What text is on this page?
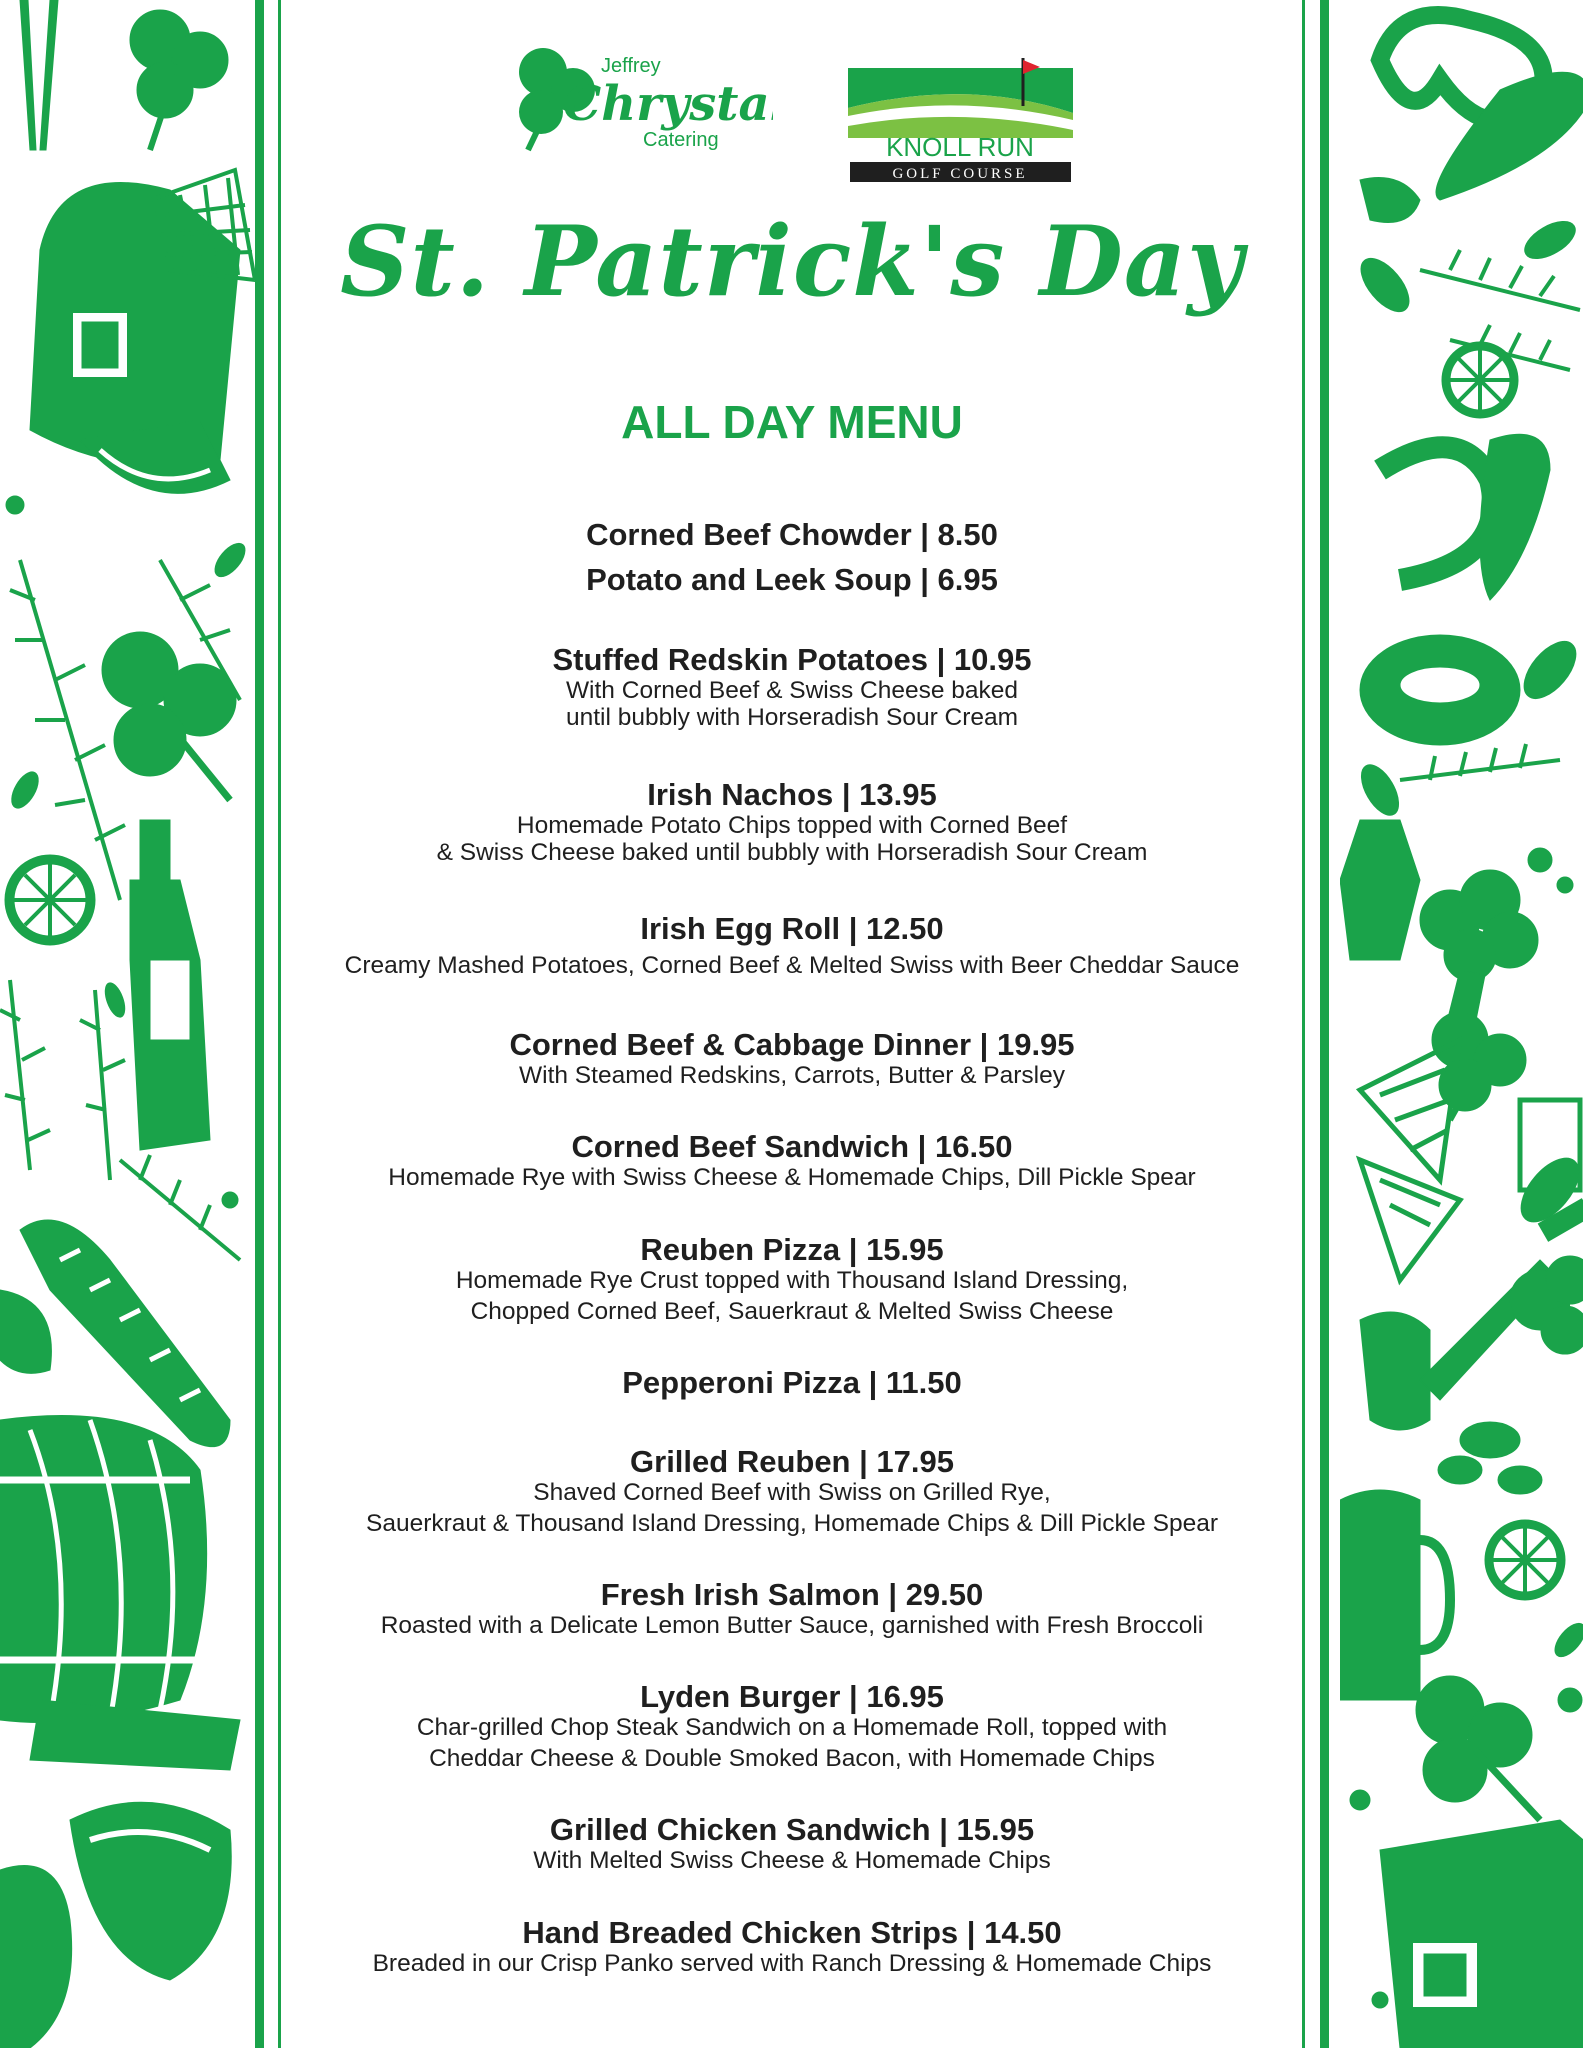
Jeffrey
Chrystal
Catering	KNOLL RUN
GOLF COURSE
St. Patrick's Day
ALL DAY MENU
Corned Beef Chowder | 8.50
Potato and Leek Soup | 6.95
Stuffed Redskin Potatoes | 10.95
With Corned Beef & Swiss Cheese baked
until bubbly with Horseradish Sour Cream
Irish Nachos | 13.95
Homemade Potato Chips topped with Corned Beef
& Swiss Cheese baked until bubbly with Horseradish Sour Cream
Irish Egg Roll | 12.50
Creamy Mashed Potatoes, Corned Beef & Melted Swiss with Beer Cheddar Sauce
Corned Beef & Cabbage Dinner | 19.95
With Steamed Redskins, Carrots, Butter & Parsley
Corned Beef Sandwich | 16.50
Homemade Rye with Swiss Cheese & Homemade Chips, Dill Pickle Spear
Reuben Pizza | 15.95
Homemade Rye Crust topped with Thousand Island Dressing,
Chopped Corned Beef, Sauerkraut & Melted Swiss Cheese
Pepperoni Pizza | 11.50
Grilled Reuben | 17.95
Shaved Corned Beef with Swiss on Grilled Rye,
Sauerkraut & Thousand Island Dressing, Homemade Chips & Dill Pickle Spear
Fresh Irish Salmon | 29.50
Roasted with a Delicate Lemon Butter Sauce, garnished with Fresh Broccoli
Lyden Burger | 16.95
Char-grilled Chop Steak Sandwich on a Homemade Roll, topped with
Cheddar Cheese & Double Smoked Bacon, with Homemade Chips
Grilled Chicken Sandwich | 15.95
With Melted Swiss Cheese & Homemade Chips
Hand Breaded Chicken Strips | 14.50
Breaded in our Crisp Panko served with Ranch Dressing & Homemade Chips
